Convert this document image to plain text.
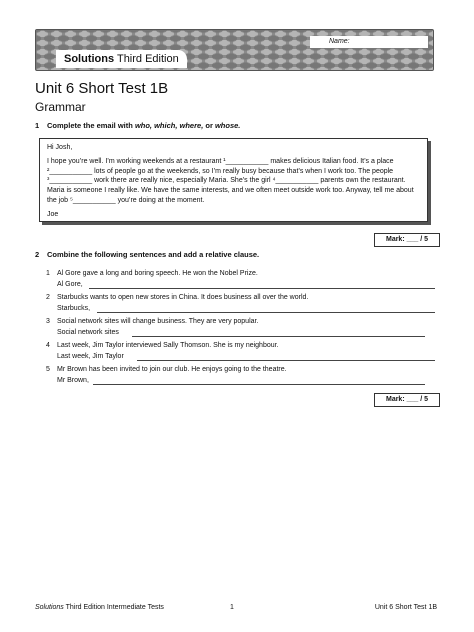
Solutions Third Edition
Name:
Unit 6 Short Test 1B
Grammar
1 Complete the email with who, which, where, or whose.

Hi Josh,

I hope you’re well. I’m working weekends at a restaurant ¹___________ makes delicious Italian food. It’s a place ²___________ lots of people go at the weekends, so I’m really busy because that’s when I work too. The people ³___________ work there are really nice, especially Maria. She’s the girl ⁴___________ parents own the restaurant. Maria is someone I really like. We have the same interests, and we often meet outside work too. Anyway, tell me about the job ⁵___________ you’re doing at the moment.

Joe

Mark: ___ / 5
2 Combine the following sentences and add a relative clause.
1 Al Gore gave a long and boring speech. He won the Nobel Prize.
Al Gore,
2 Starbucks wants to open new stores in China. It does business all over the world.
Starbucks,
3 Social network sites will change business. They are very popular.
Social network sites
4 Last week, Jim Taylor interviewed Sally Thomson. She is my neighbour.
Last week, Jim Taylor
5 Mr Brown has been invited to join our club. He enjoys going to the theatre.
Mr Brown,
Mark: ___ / 5
Solutions Third Edition Intermediate Tests	1	Unit 6 Short Test 1B
